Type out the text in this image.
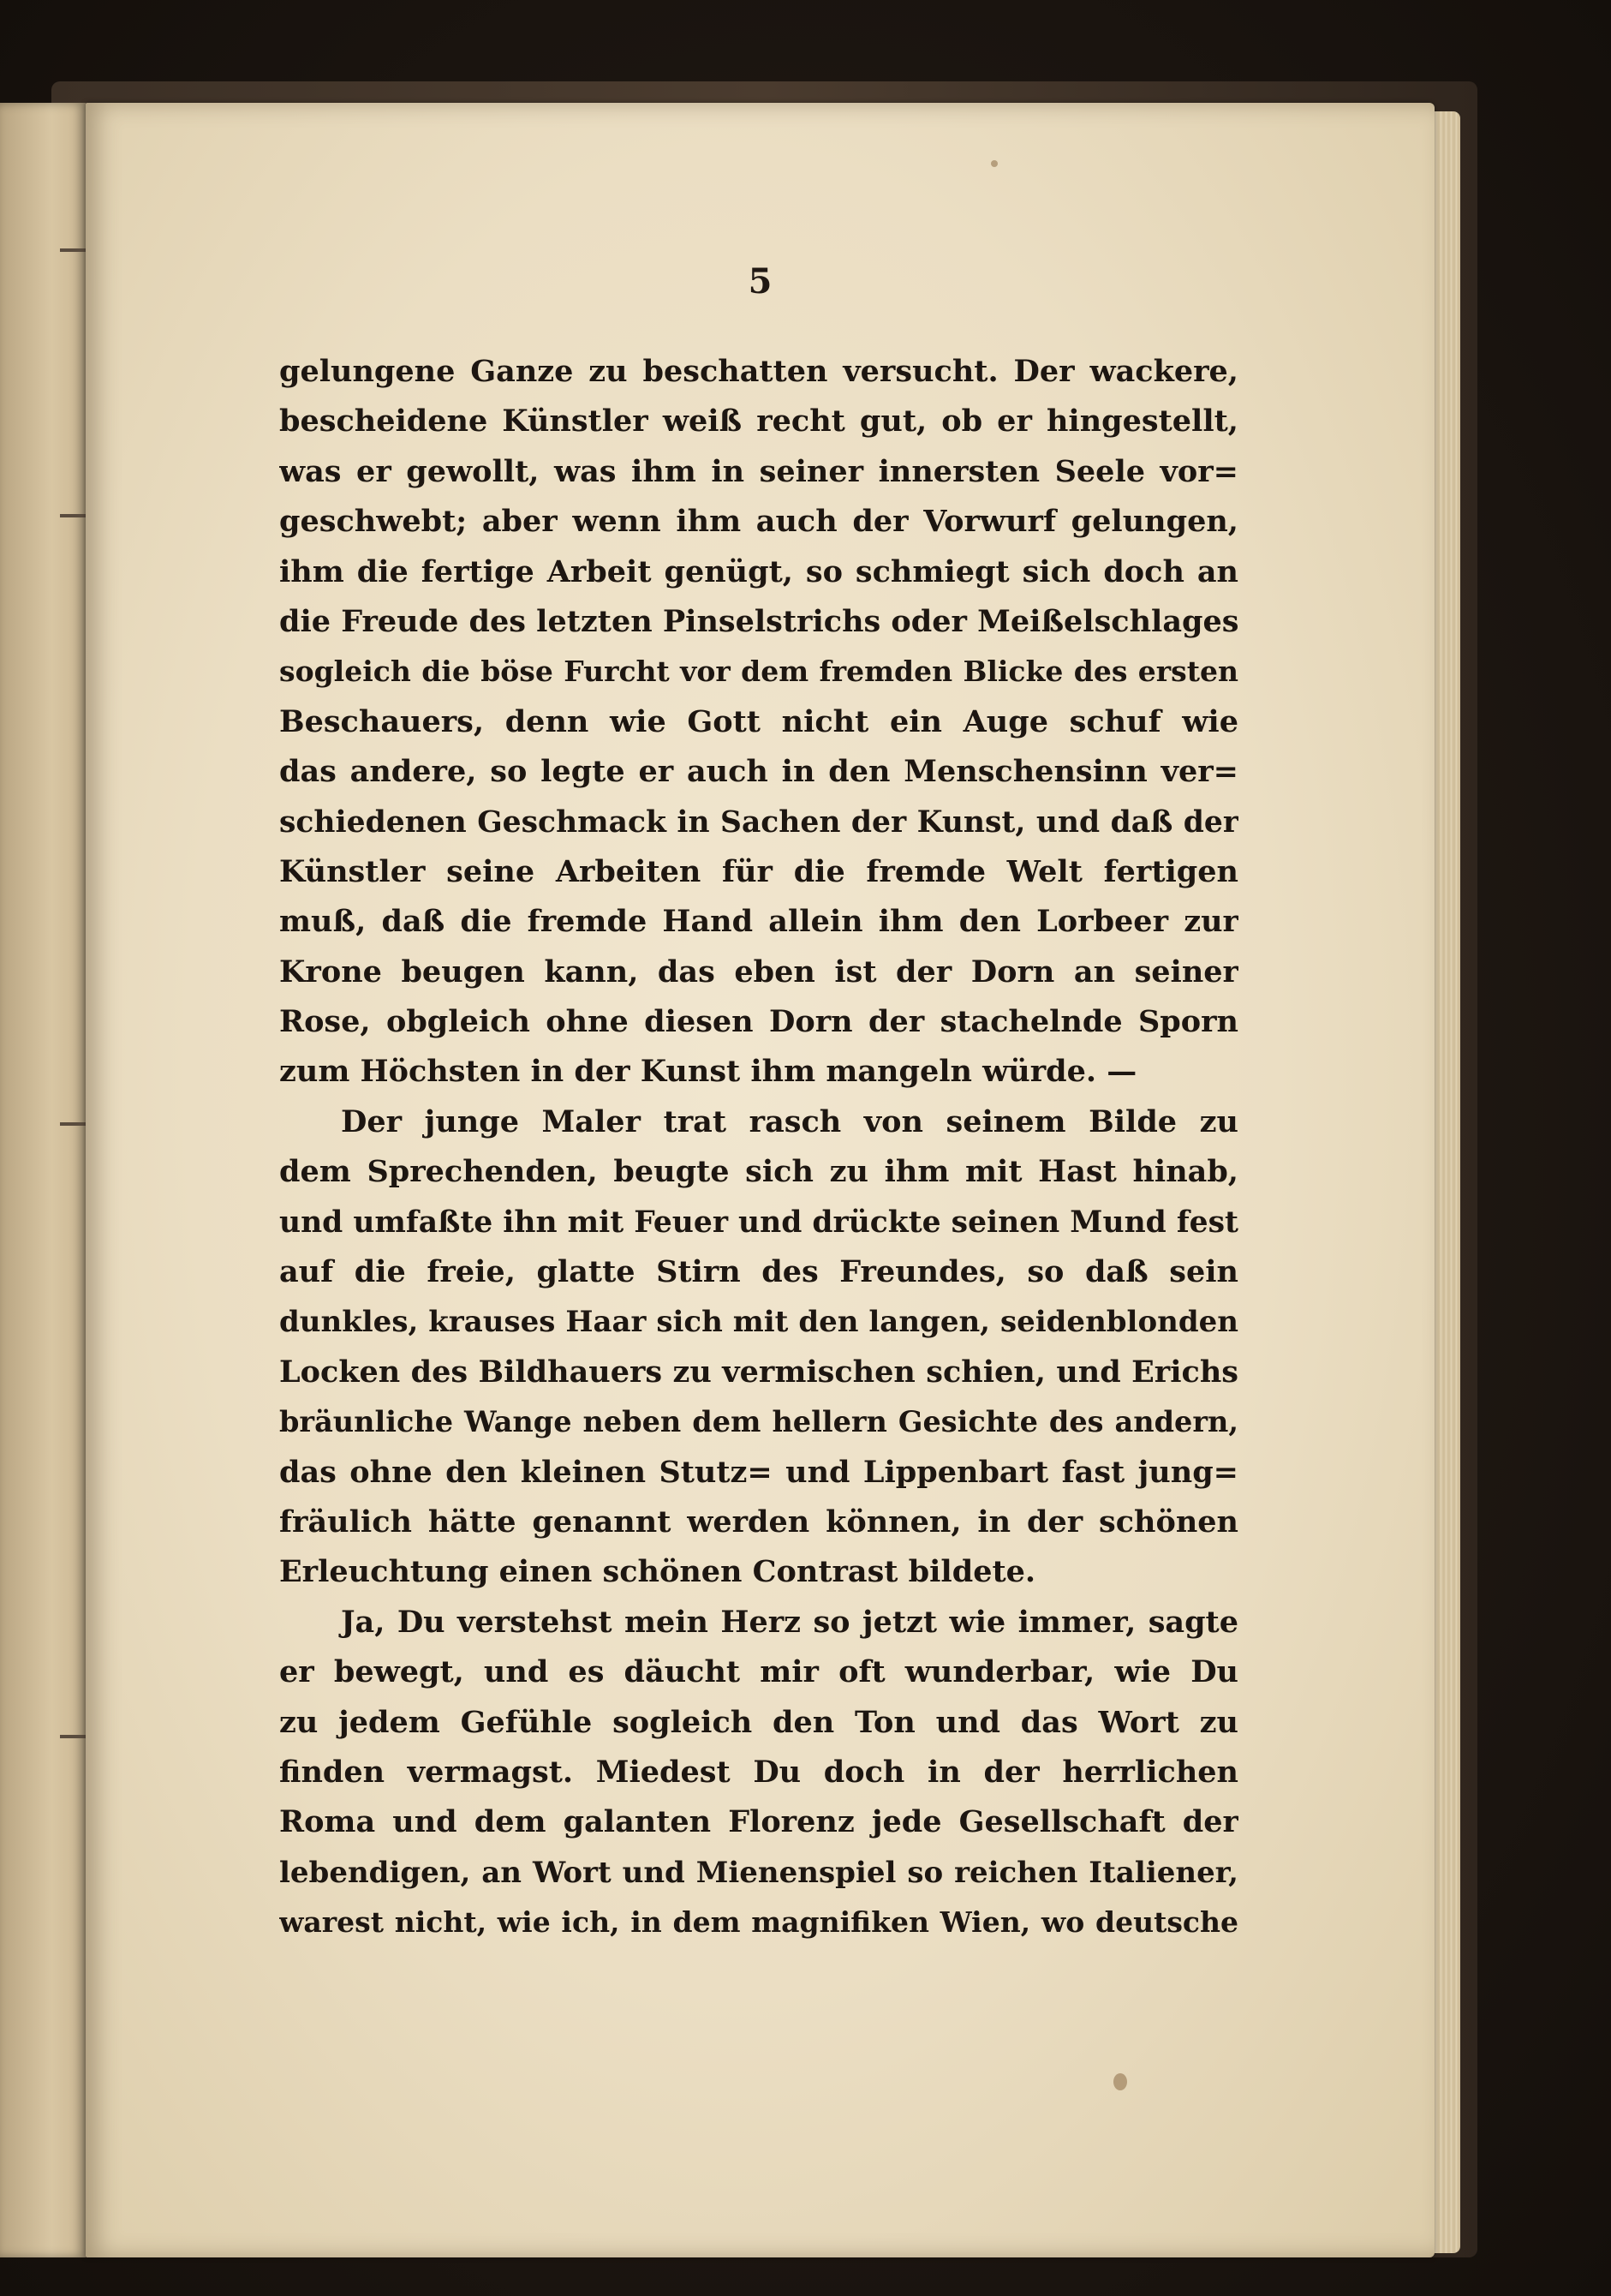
5
gelungene Ganze zu beschatten versucht. Der wackere,
bescheidene Künstler weiß recht gut, ob er hingestellt,
was er gewollt, was ihm in seiner innersten Seele vor=
geschwebt; aber wenn ihm auch der Vorwurf gelungen,
ihm die fertige Arbeit genügt, so schmiegt sich doch an
die Freude des letzten Pinselstrichs oder Meißelschlages
sogleich die böse Furcht vor dem fremden Blicke des ersten
Beschauers, denn wie Gott nicht ein Auge schuf wie
das andere, so legte er auch in den Menschensinn ver=
schiedenen Geschmack in Sachen der Kunst, und daß der
Künstler seine Arbeiten für die fremde Welt fertigen
muß, daß die fremde Hand allein ihm den Lorbeer zur
Krone beugen kann, das eben ist der Dorn an seiner
Rose, obgleich ohne diesen Dorn der stachelnde Sporn
zum Höchsten in der Kunst ihm mangeln würde. —
Der junge Maler trat rasch von seinem Bilde zu
dem Sprechenden, beugte sich zu ihm mit Hast hinab,
und umfaßte ihn mit Feuer und drückte seinen Mund fest
auf die freie, glatte Stirn des Freundes, so daß sein
dunkles, krauses Haar sich mit den langen, seidenblonden
Locken des Bildhauers zu vermischen schien, und Erichs
bräunliche Wange neben dem hellern Gesichte des andern,
das ohne den kleinen Stutz= und Lippenbart fast jung=
fräulich hätte genannt werden können, in der schönen
Erleuchtung einen schönen Contrast bildete.
Ja, Du verstehst mein Herz so jetzt wie immer, sagte
er bewegt, und es däucht mir oft wunderbar, wie Du
zu jedem Gefühle sogleich den Ton und das Wort zu
finden vermagst. Miedest Du doch in der herrlichen
Roma und dem galanten Florenz jede Gesellschaft der
lebendigen, an Wort und Mienenspiel so reichen Italiener,
warest nicht, wie ich, in dem magnifiken Wien, wo deutsche
